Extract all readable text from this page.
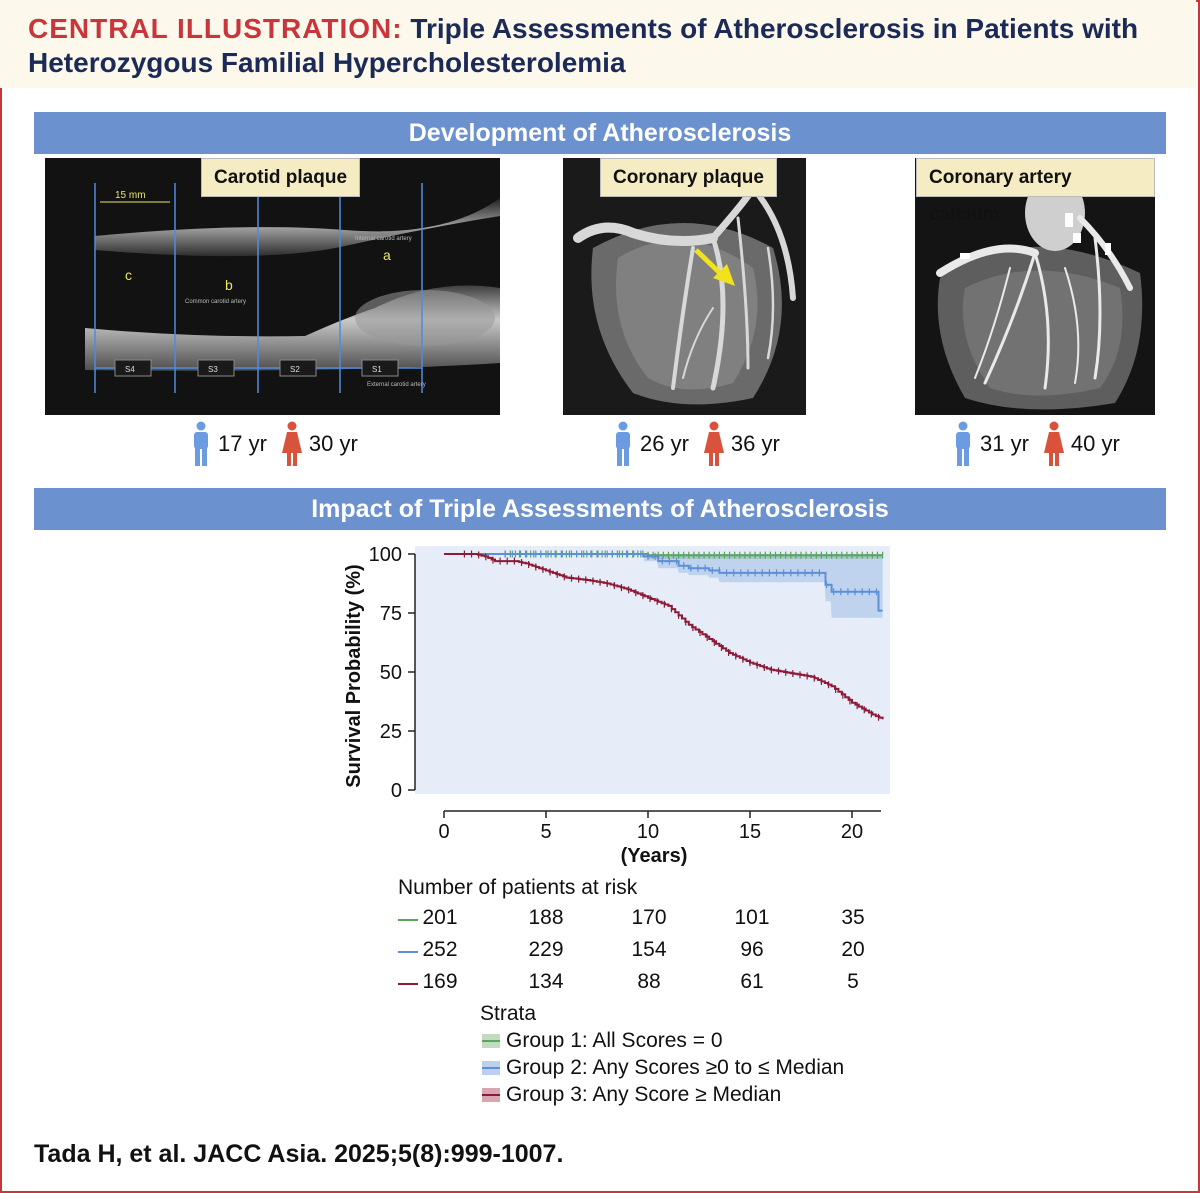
CENTRAL ILLUSTRATION: Triple Assessments of Atherosclerosis in Patients with Heterozygous Familial Hypercholesterolemia
Development of Atherosclerosis
15 mm
c
b
a
Common carotid artery
Internal carotid artery
External carotid artery
S4	S3	S2	S1
Carotid plaque	Coronary plaque	Coronary artery calcium
17 yr 30 yr	26 yr 36 yr	31 yr 40 yr
Impact of Triple Assessments of Atherosclerosis
0
25
50
75
100
0	5	10	15	20
Survival Probability (%)
(Years)
Number of patients at risk
201	188	170	101	35
252	229	154	96	20
169	134	88	61	5
Strata
Group 1: All Scores = 0
Group 2: Any Scores ≥0 to ≤ Median
Group 3: Any Score ≥ Median
Tada H, et al. JACC Asia. 2025;5(8):999-1007.
